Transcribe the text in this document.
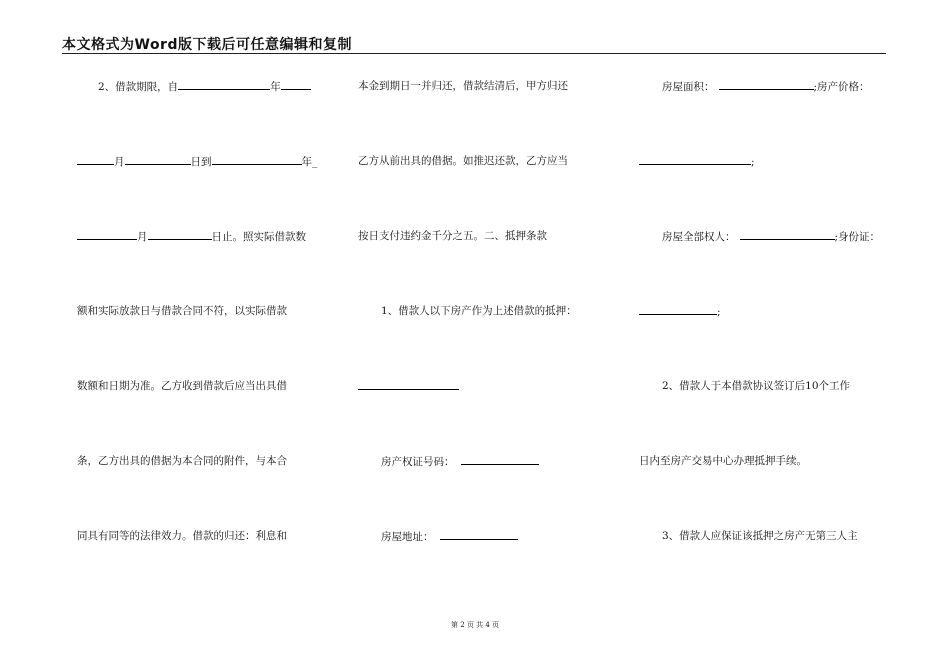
本文格式为Word版下载后可任意编辑和复制
2、借款期限，自	年
月	日到	年_
月	日止。照实际借款数
额和实际放款日与借款合同不符，以实际借款
数额和日期为准。乙方收到借款后应当出具借
条，乙方出具的借据为本合同的附件，与本合
同具有同等的法律效力。借款的归还：利息和
本金到期日一并归还，借款结清后，甲方归还
乙方从前出具的借据。如推迟还款，乙方应当
按日支付违约金千分之五。二、抵押条款
1、借款人以下房产作为上述借款的抵押：
房产权证号码：
房屋地址：
房屋面积：	;房产价格：
;
房屋全部权人：	;身份证：
;
2、借款人于本借款协议签订后10个工作
日内至房产交易中心办理抵押手续。
3、借款人应保证该抵押之房产无第三人主
第 2 页 共 4 页
